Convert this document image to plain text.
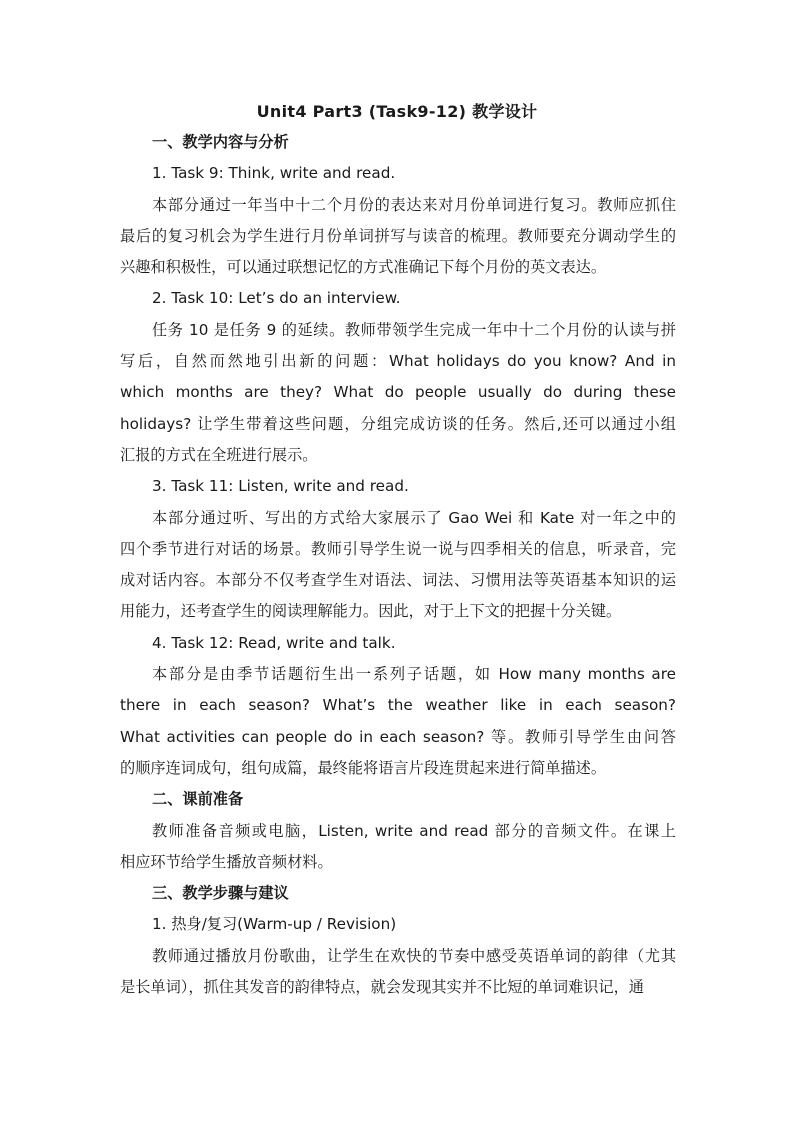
Unit4 Part3 (Task9-12) 教学设计
一、教学内容与分析
1. Task 9: Think, write and read.
本部分通过一年当中十二个月份的表达来对月份单词进行复习。教师应抓住
最后的复习机会为学生进行月份单词拼写与读音的梳理。教师要充分调动学生的
兴趣和积极性，可以通过联想记忆的方式准确记下每个月份的英文表达。
2. Task 10: Let’s do an interview.
任务 10 是任务 9 的延续。教师带领学生完成一年中十二个月份的认读与拼
写后，自然而然地引出新的问题：What holidays do you know? And in
which months are they? What do people usually do during these
holidays? 让学生带着这些问题，分组完成访谈的任务。然后,还可以通过小组
汇报的方式在全班进行展示。
3. Task 11: Listen, write and read.
本部分通过听、写出的方式给大家展示了 Gao Wei 和 Kate 对一年之中的
四个季节进行对话的场景。教师引导学生说一说与四季相关的信息，听录音，完
成对话内容。本部分不仅考查学生对语法、词法、习惯用法等英语基本知识的运
用能力，还考查学生的阅读理解能力。因此，对于上下文的把握十分关键。
4. Task 12: Read, write and talk.
本部分是由季节话题衍生出一系列子话题，如 How many months are
there in each season? What’s the weather like in each season?
What activities can people do in each season? 等。教师引导学生由问答
的顺序连词成句，组句成篇，最终能将语言片段连贯起来进行简单描述。
二、课前准备
教师准备音频或电脑，Listen, write and read 部分的音频文件。在课上
相应环节给学生播放音频材料。
三、教学步骤与建议
1. 热身/复习(Warm-up / Revision)
教师通过播放月份歌曲，让学生在欢快的节奏中感受英语单词的韵律（尤其
是长单词），抓住其发音的韵律特点，就会发现其实并不比短的单词难识记，通
